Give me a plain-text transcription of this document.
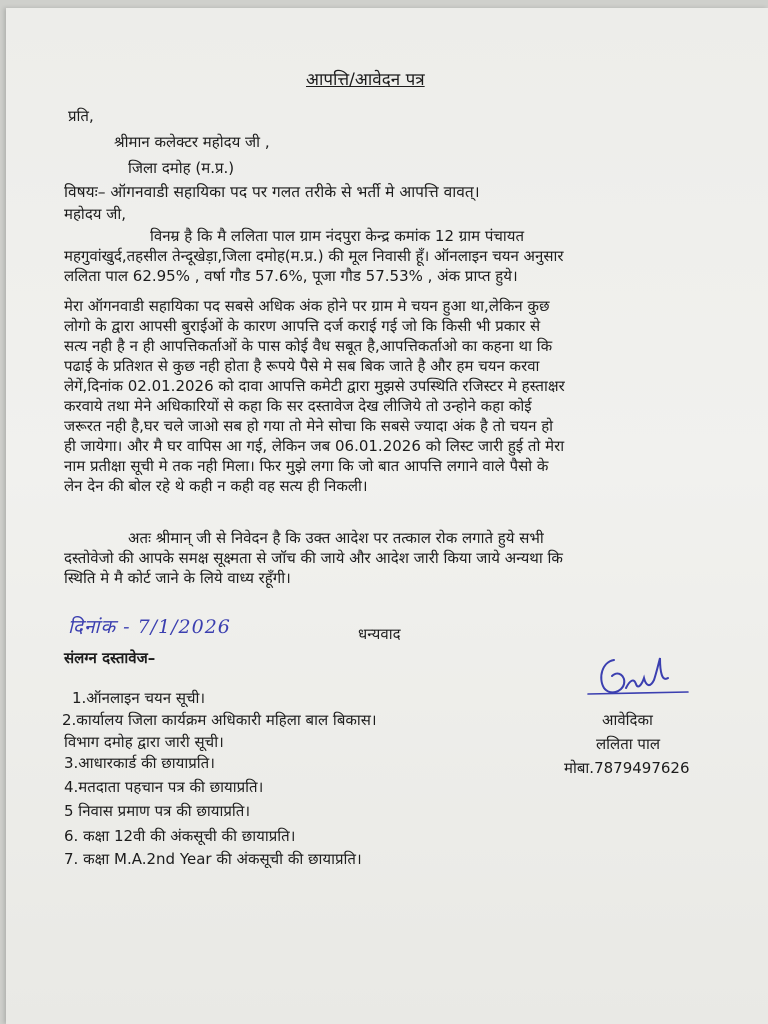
आपत्ति/आवेदन पत्र
प्रति,
श्रीमान कलेक्टर महोदय जी ,
जिला दमोह (म.प्र.)
विषयः– ऑगनवाडी सहायिका पद पर गलत तरीके से भर्ती मे आपत्ति वावत्।
महोदय जी,
विनम्र है कि मै ललिता पाल ग्राम नंदपुरा केन्द्र कमांक 12 ग्राम पंचायत
महगुवांखुर्द,तहसील तेन्दूखेड़ा,जिला दमोह(म.प्र.) की मूल निवासी हूँ। ऑनलाइन चयन अनुसार
ललिता पाल 62.95% , वर्षा गौड 57.6%, पूजा गौड 57.53% , अंक प्राप्त हुये।
मेरा ऑगनवाडी सहायिका पद सबसे अधिक अंक होने पर ग्राम मे चयन हुआ था,लेकिन कुछ
लोगो के द्वारा आपसी बुराईओं के कारण आपत्ति दर्ज कराई गई जो कि किसी भी प्रकार से
सत्य नही है न ही आपत्तिकर्ताओं के पास कोई वैध सबूत है,आपत्तिकर्ताओ का कहना था कि
पढाई के प्रतिशत से कुछ नही होता है रूपये पैसे मे सब बिक जाते है और हम चयन करवा
लेगें,दिनांक 02.01.2026 को दावा आपत्ति कमेटी द्वारा मुझसे उपस्थिति रजिस्टर मे हस्ताक्षर
करवाये तथा मेने अधिकारियों से कहा कि सर दस्तावेज देख लीजिये तो उन्होने कहा कोई
जरूरत नही है,घर चले जाओ सब हो गया तो मेने सोचा कि सबसे ज्यादा अंक है तो चयन हो
ही जायेगा। और मै घर वापिस आ गई, लेकिन जब 06.01.2026 को लिस्ट जारी हुई तो मेरा
नाम प्रतीक्षा सूची मे तक नही मिला। फिर मुझे लगा कि जो बात आपत्ति लगाने वाले पैसो के
लेन देन की बोल रहे थे कही न कही वह सत्य ही निकली।
अतः श्रीमान् जी से निवेदन है कि उक्त आदेश पर तत्काल रोक लगाते हुये सभी
दस्तोवेजो की आपके समक्ष सूक्ष्मता से जॉच की जाये और आदेश जारी किया जाये अन्यथा कि
स्थिति मे मै कोर्ट जाने के लिये वाध्य रहूँगी।
दिनांक - 7/1/2026	धन्यवाद
संलग्न दस्तावेज–
1.ऑनलाइन चयन सूची।
2.कार्यालय जिला कार्यक्रम अधिकारी महिला बाल बिकास।
विभाग दमोह द्वारा जारी सूची।
3.आधारकार्ड की छायाप्रति।
4.मतदाता पहचान पत्र की छायाप्रति।
5 निवास प्रमाण पत्र की छायाप्रति।
6. कक्षा 12वी की अंकसूची की छायाप्रति।
7. कक्षा M.A.2nd Year की अंकसूची की छायाप्रति।
आवेदिका
ललिता पाल
मोबा.7879497626
